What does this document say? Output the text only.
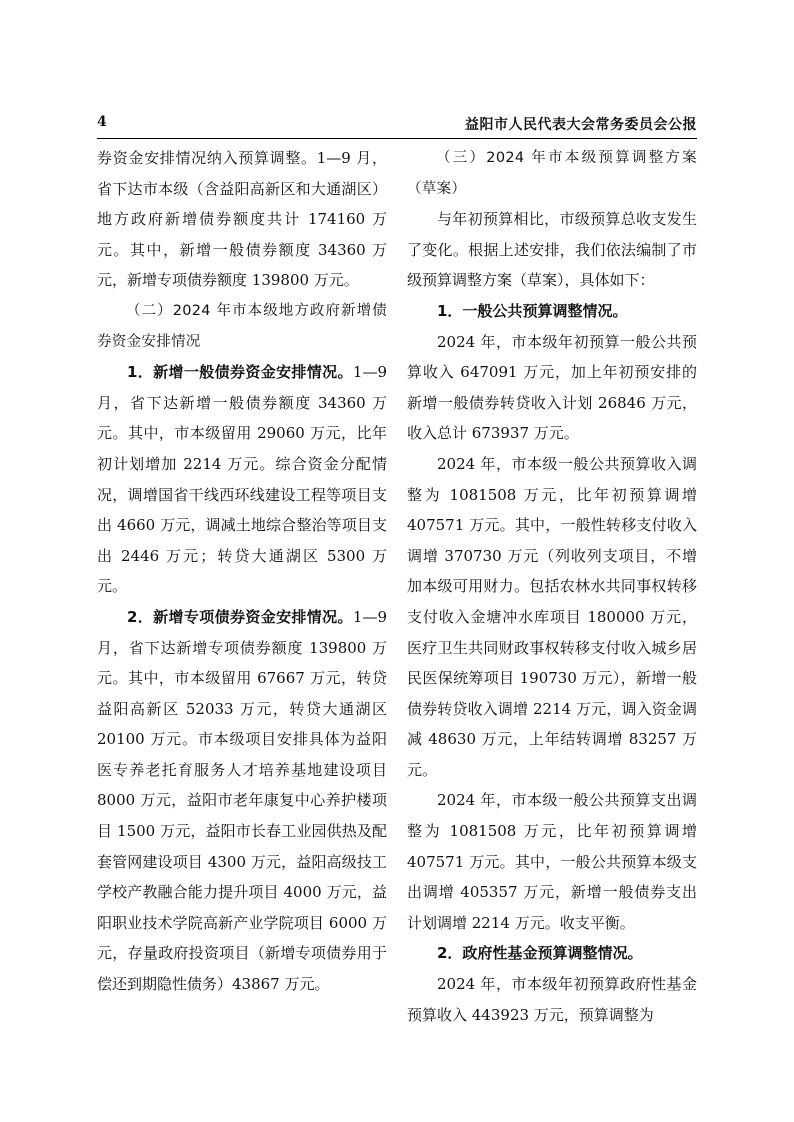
4	益阳市人民代表大会常务委员会公报

券资金安排情况纳入预算调整。1—9 月，省下达市本级（含益阳高新区和大通湖区）地方政府新增债券额度共计 174160 万元。其中，新增一般债券额度 34360 万元，新增专项债券额度 139800 万元。

（二）2024 年市本级地方政府新增债券资金安排情况

1．新增一般债券资金安排情况。1—9 月，省下达新增一般债券额度 34360 万元。其中，市本级留用 29060 万元，比年初计划增加 2214 万元。综合资金分配情况，调增国省干线西环线建设工程等项目支出 4660 万元，调减土地综合整治等项目支出 2446 万元；转贷大通湖区 5300 万元。

2．新增专项债券资金安排情况。1—9 月，省下达新增专项债券额度 139800 万元。其中，市本级留用 67667 万元，转贷益阳高新区 52033 万元，转贷大通湖区 20100 万元。市本级项目安排具体为益阳医专养老托育服务人才培养基地建设项目 8000 万元，益阳市老年康复中心养护楼项目 1500 万元，益阳市长春工业园供热及配套管网建设项目 4300 万元，益阳高级技工学校产教融合能力提升项目 4000 万元，益阳职业技术学院高新产业学院项目 6000 万元，存量政府投资项目（新增专项债券用于偿还到期隐性债务）43867 万元。

（三）2024 年市本级预算调整方案（草案）

与年初预算相比，市级预算总收支发生了变化。根据上述安排，我们依法编制了市级预算调整方案（草案），具体如下：

1．一般公共预算调整情况。

2024 年，市本级年初预算一般公共预算收入 647091 万元，加上年初预安排的新增一般债券转贷收入计划 26846 万元，收入总计 673937 万元。

2024 年，市本级一般公共预算收入调整为 1081508 万元，比年初预算调增 407571 万元。其中，一般性转移支付收入调增 370730 万元（列收列支项目，不增加本级可用财力。包括农林水共同事权转移支付收入金塘冲水库项目 180000 万元，医疗卫生共同财政事权转移支付收入城乡居民医保统筹项目 190730 万元），新增一般债券转贷收入调增 2214 万元，调入资金调减 48630 万元，上年结转调增 83257 万元。

2024 年，市本级一般公共预算支出调整为 1081508 万元，比年初预算调增 407571 万元。其中，一般公共预算本级支出调增 405357 万元，新增一般债券支出计划调增 2214 万元。收支平衡。

2．政府性基金预算调整情况。

2024 年，市本级年初预算政府性基金预算收入 443923 万元，预算调整为
